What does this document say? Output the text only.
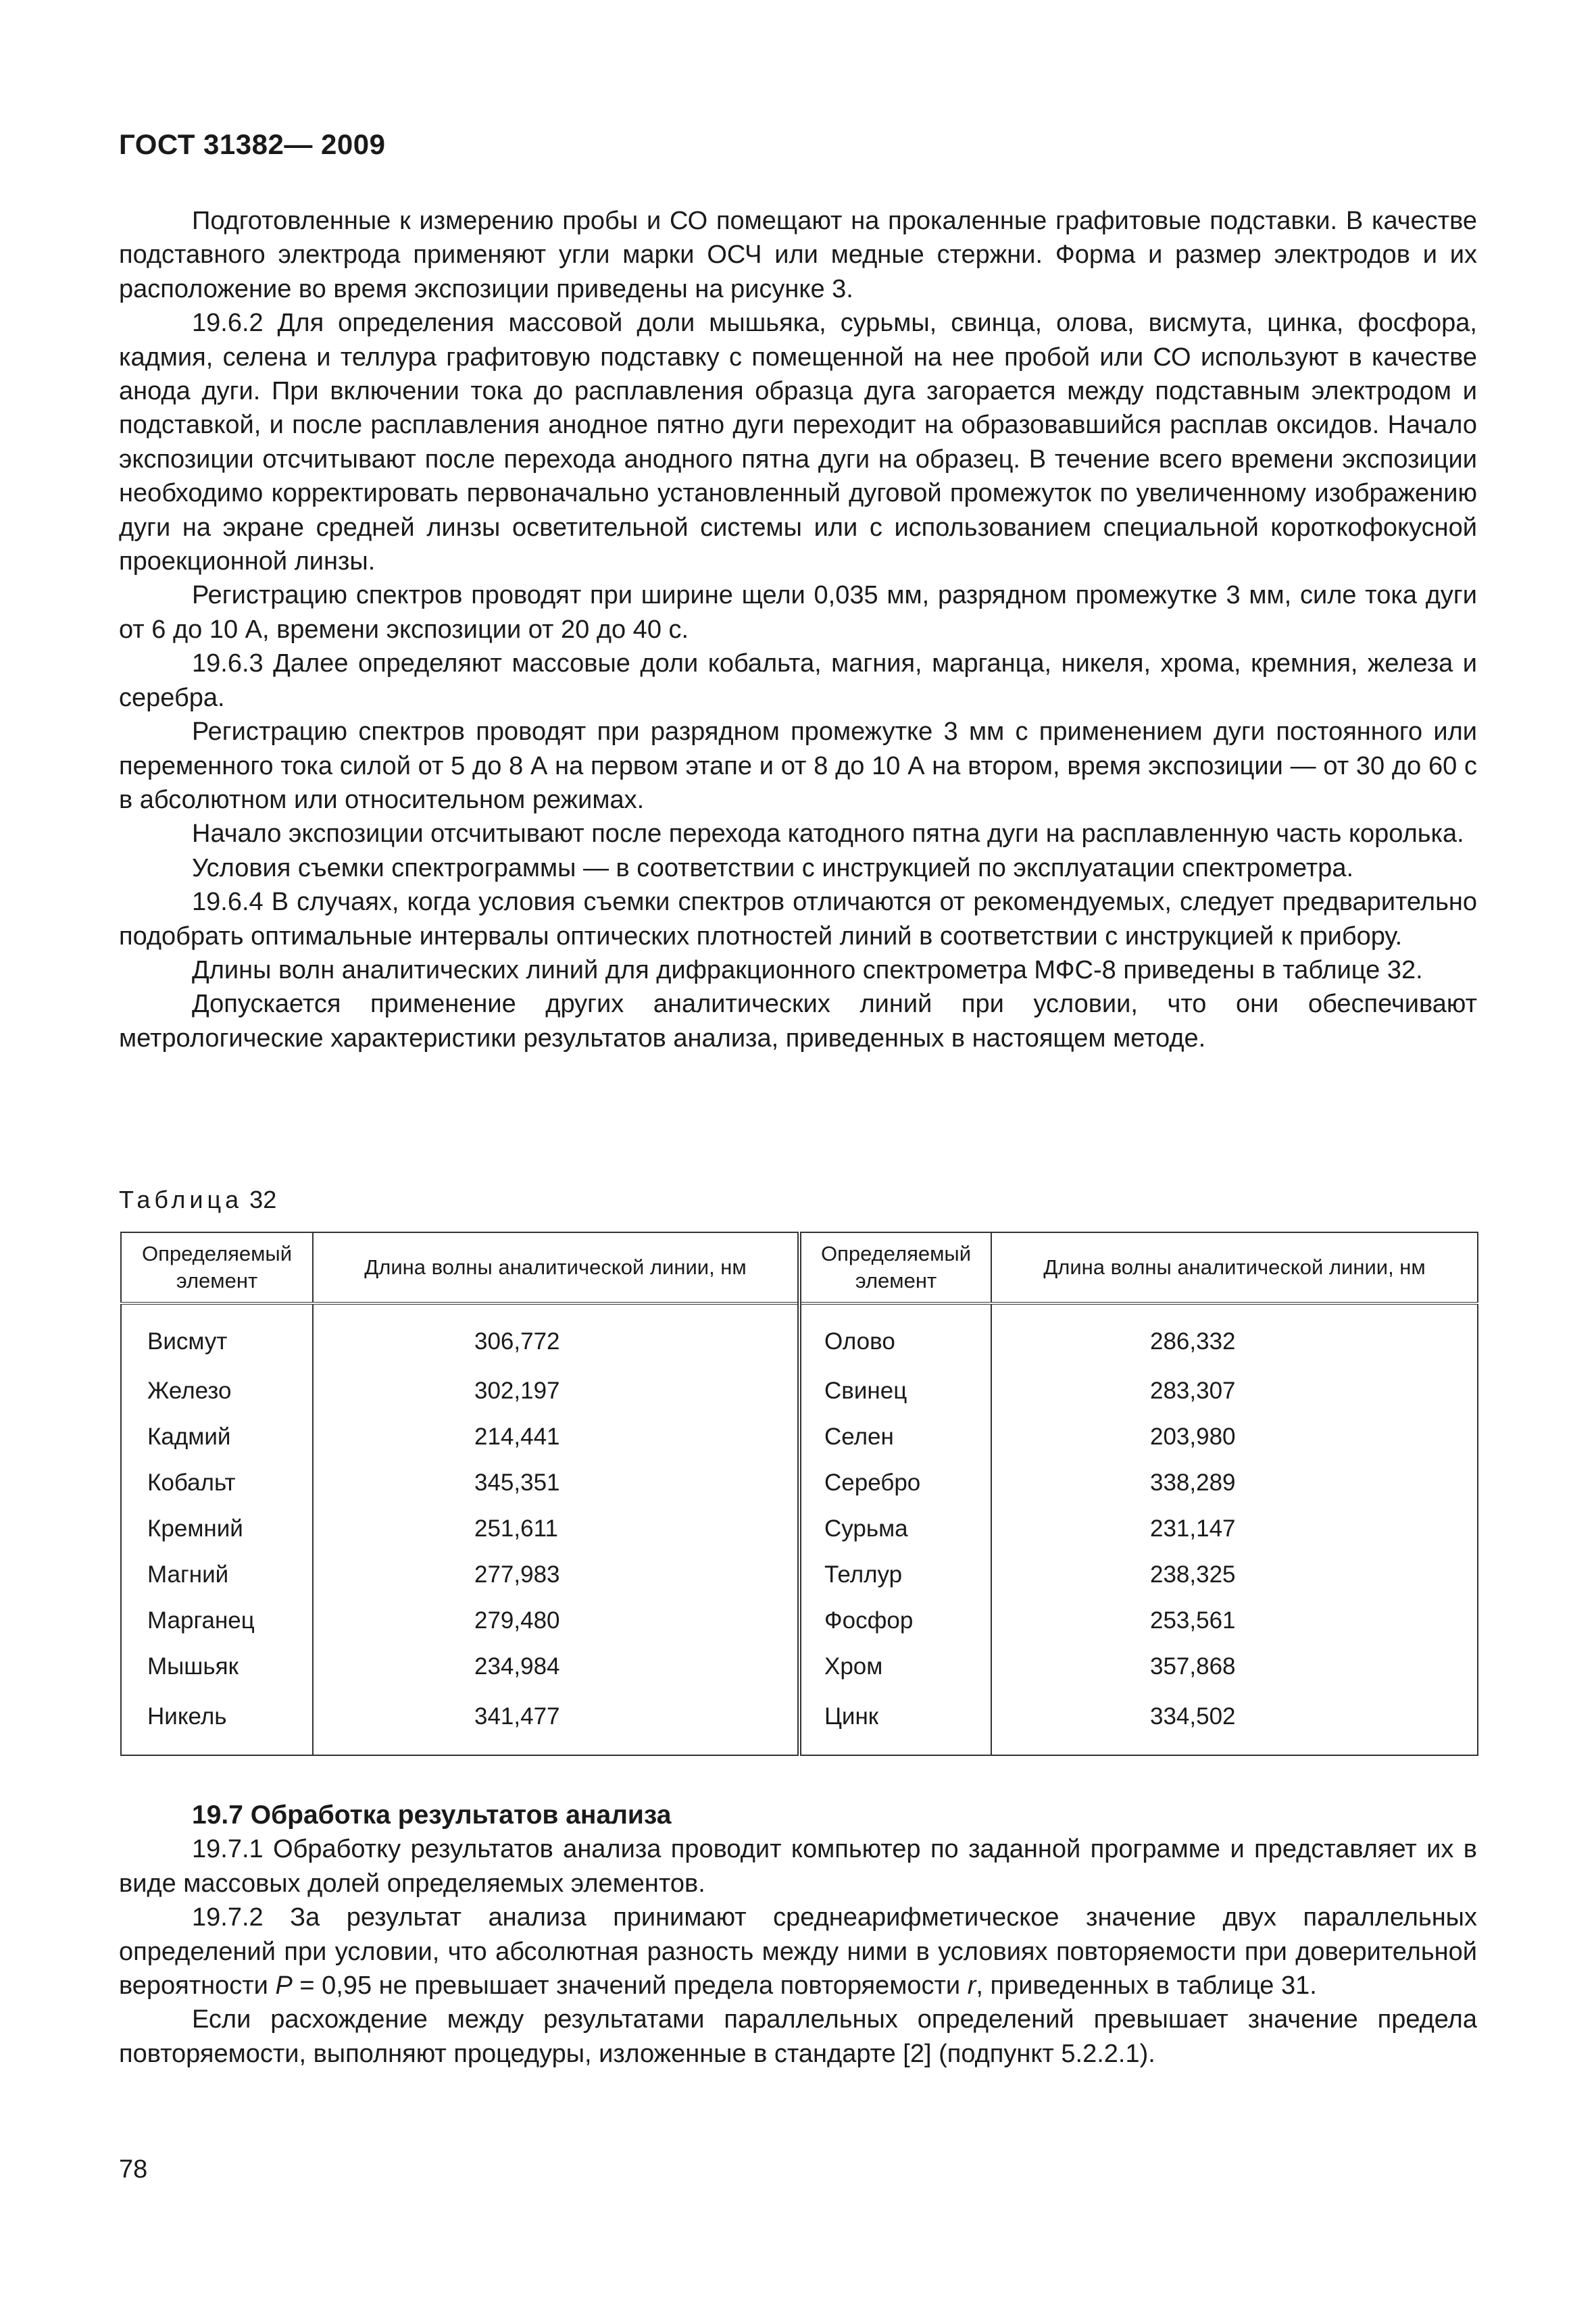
ГОСТ 31382— 2009

Подготовленные к измерению пробы и СО помещают на прокаленные графитовые подставки. В качестве подставного электрода применяют угли марки ОСЧ или медные стержни. Форма и размер электродов и их расположение во время экспозиции приведены на рисунке 3.

19.6.2 Для определения массовой доли мышьяка, сурьмы, свинца, олова, висмута, цинка, фосфора, кадмия, селена и теллура графитовую подставку с помещенной на нее пробой или СО используют в качестве анода дуги. При включении тока до расплавления образца дуга загорается между подставным электродом и подставкой, и после расплавления анодное пятно дуги переходит на образовавшийся расплав оксидов. Начало экспозиции отсчитывают после перехода анодного пятна дуги на образец. В течение всего времени экспозиции необходимо корректировать первоначально установленный дуговой промежуток по увеличенному изображению дуги на экране средней линзы осветительной системы или с использованием специальной короткофокусной проекционной линзы.

Регистрацию спектров проводят при ширине щели 0,035 мм, разрядном промежутке 3 мм, силе тока дуги от 6 до 10 А, времени экспозиции от 20 до 40 с.

19.6.3 Далее определяют массовые доли кобальта, магния, марганца, никеля, хрома, кремния, железа и серебра.

Регистрацию спектров проводят при разрядном промежутке 3 мм с применением дуги постоянного или переменного тока силой от 5 до 8 А на первом этапе и от 8 до 10 А на втором, время экспозиции — от 30 до 60 с в абсолютном или относительном режимах.

Начало экспозиции отсчитывают после перехода катодного пятна дуги на расплавленную часть королька.

Условия съемки спектрограммы — в соответствии с инструкцией по эксплуатации спектрометра.

19.6.4 В случаях, когда условия съемки спектров отличаются от рекомендуемых, следует предварительно подобрать оптимальные интервалы оптических плотностей линий в соответствии с инструкцией к прибору.

Длины волн аналитических линий для дифракционного спектрометра МФС-8 приведены в таблице 32.

Допускается применение других аналитических линий при условии, что они обеспечивают метрологические характеристики результатов анализа, приведенных в настоящем методе.

Таблица 32
Определяемый элемент	Длина волны аналитической линии, нм	Определяемый элемент	Длина волны аналитической линии, нм
Висмут	306,772	Олово	286,332
Железо	302,197	Свинец	283,307
Кадмий	214,441	Селен	203,980
Кобальт	345,351	Серебро	338,289
Кремний	251,611	Сурьма	231,147
Магний	277,983	Теллур	238,325
Марганец	279,480	Фосфор	253,561
Мышьяк	234,984	Хром	357,868
Никель	341,477	Цинк	334,502
19.7 Обработка результатов анализа

19.7.1 Обработку результатов анализа проводит компьютер по заданной программе и представляет их в виде массовых долей определяемых элементов.

19.7.2 За результат анализа принимают среднеарифметическое значение двух параллельных определений при условии, что абсолютная разность между ними в условиях повторяемости при доверительной вероятности P = 0,95 не превышает значений предела повторяемости r, приведенных в таблице 31.

Если расхождение между результатами параллельных определений превышает значение предела повторяемости, выполняют процедуры, изложенные в стандарте [2] (подпункт 5.2.2.1).

78
